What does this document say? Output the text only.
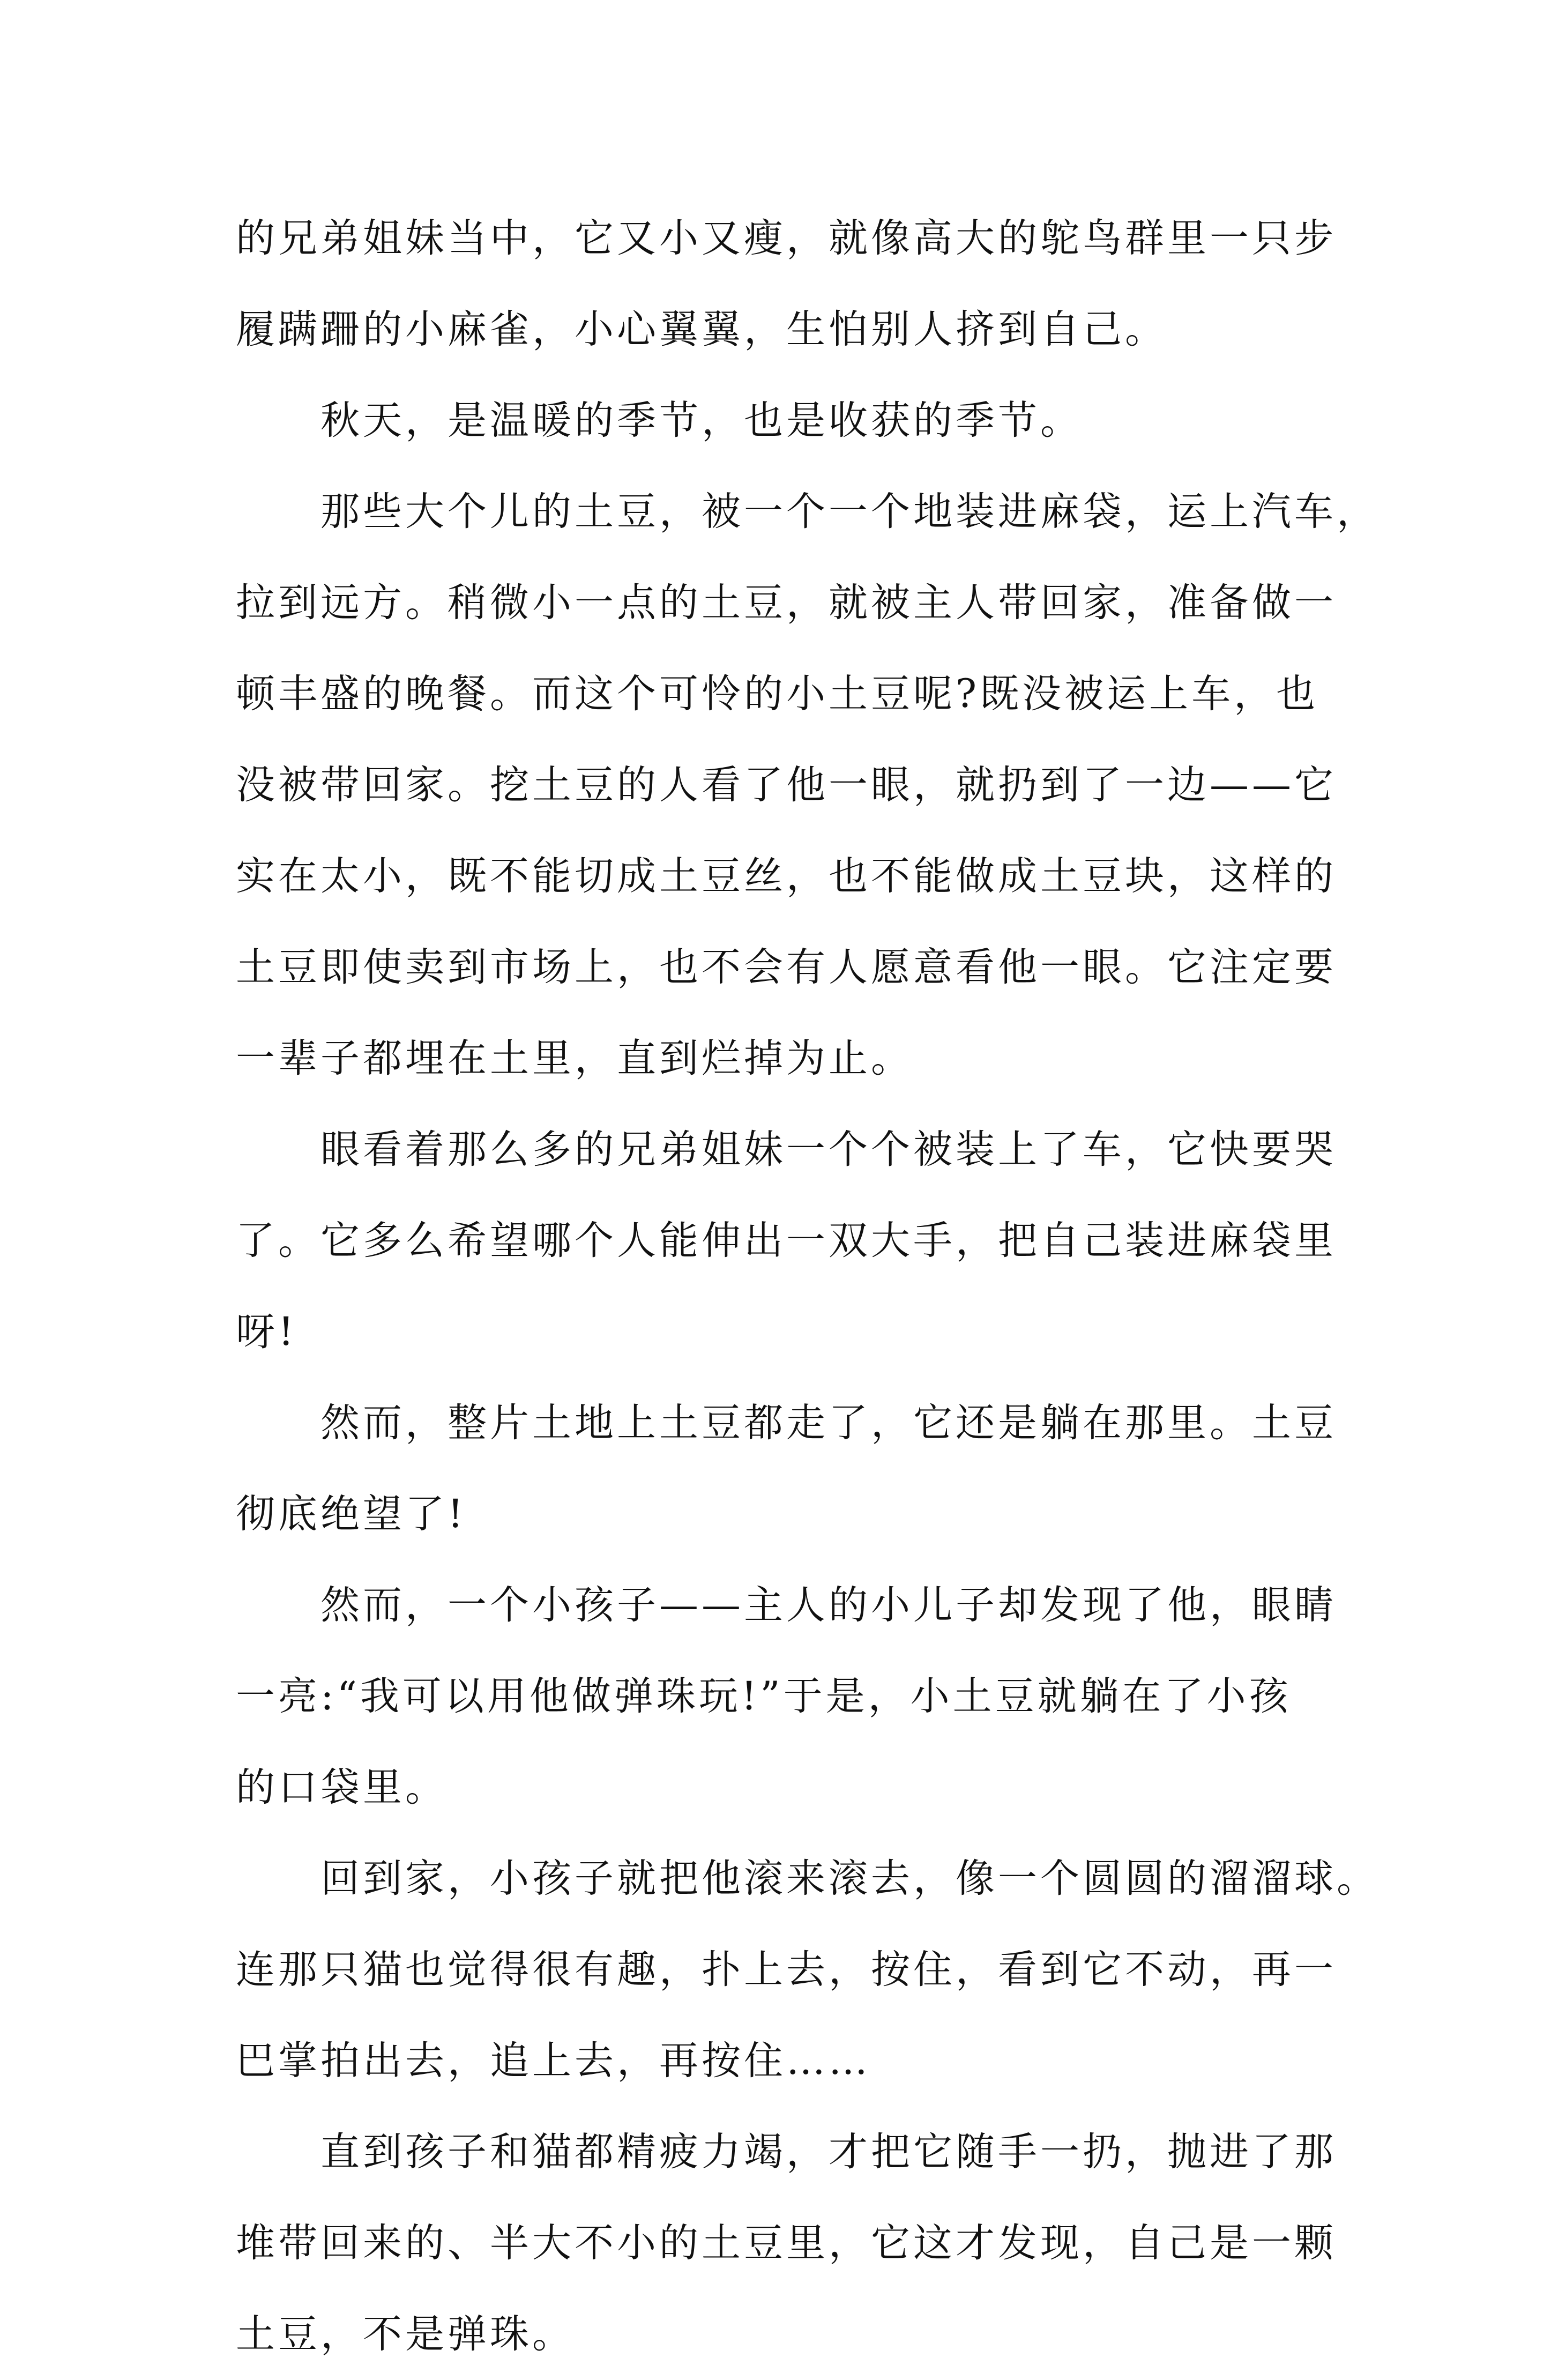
的兄弟姐妹当中，它又小又瘦，就像高大的鸵鸟群里一只步
履蹒跚的小麻雀，小心翼翼，生怕别人挤到自己。
秋天，是温暖的季节，也是收获的季节。
那些大个儿的土豆，被一个一个地装进麻袋，运上汽车，
拉到远方。稍微小一点的土豆，就被主人带回家，准备做一
顿丰盛的晚餐。而这个可怜的小土豆呢?既没被运上车，也
没被带回家。挖土豆的人看了他一眼，就扔到了一边——它
实在太小，既不能切成土豆丝，也不能做成土豆块，这样的
土豆即使卖到市场上，也不会有人愿意看他一眼。它注定要
一辈子都埋在土里，直到烂掉为止。
眼看着那么多的兄弟姐妹一个个被装上了车，它快要哭
了。它多么希望哪个人能伸出一双大手，把自己装进麻袋里
呀!
然而，整片土地上土豆都走了，它还是躺在那里。土豆
彻底绝望了!
然而，一个小孩子——主人的小儿子却发现了他，眼睛
一亮:“我可以用他做弹珠玩!”于是，小土豆就躺在了小孩
的口袋里。
回到家，小孩子就把他滚来滚去，像一个圆圆的溜溜球。
连那只猫也觉得很有趣，扑上去，按住，看到它不动，再一
巴掌拍出去，追上去，再按住……
直到孩子和猫都精疲力竭，才把它随手一扔，抛进了那
堆带回来的、半大不小的土豆里，它这才发现，自己是一颗
土豆，不是弹珠。
